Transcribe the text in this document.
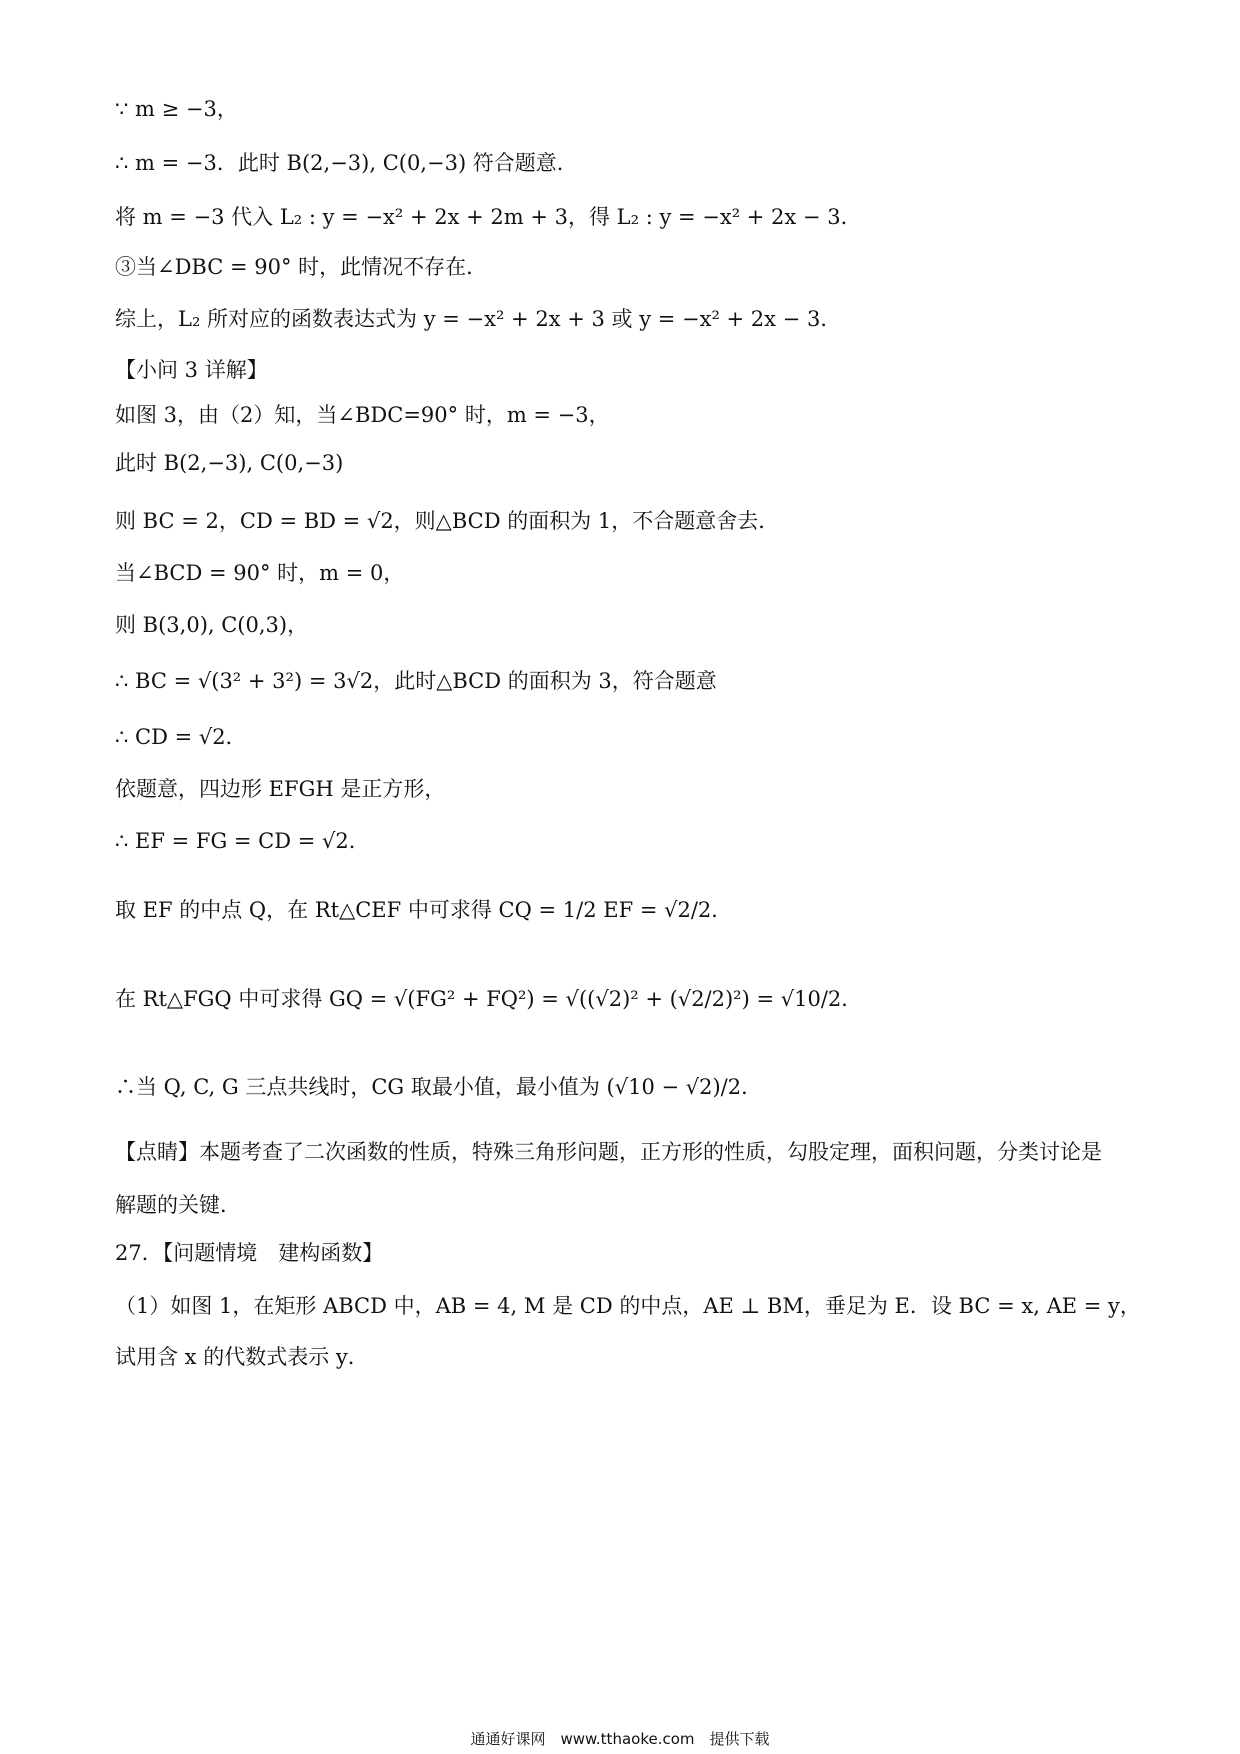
∵ m ≥ −3，
∴ m = −3．此时 B(2,−3), C(0,−3) 符合题意．
将 m = −3 代入 L₂ : y = −x² + 2x + 2m + 3，得 L₂ : y = −x² + 2x − 3．
③当∠DBC = 90° 时，此情况不存在．
综上，L₂ 所对应的函数表达式为 y = −x² + 2x + 3 或 y = −x² + 2x − 3．
【小问 3 详解】
如图 3，由（2）知，当∠BDC=90° 时，m = −3，
此时 B(2,−3), C(0,−3)
则 BC = 2，CD = BD = √2，则△BCD 的面积为 1，不合题意舍去．
当∠BCD = 90° 时，m = 0，
则 B(3,0), C(0,3)，
∴ BC = √(3² + 3²) = 3√2，此时△BCD 的面积为 3，符合题意
∴ CD = √2．
依题意，四边形 EFGH 是正方形，
∴ EF = FG = CD = √2．
取 EF 的中点 Q，在 Rt△CEF 中可求得 CQ = 1/2 EF = √2/2．
在 Rt△FGQ 中可求得 GQ = √(FG² + FQ²) = √((√2)² + (√2/2)²) = √10/2．
∴当 Q, C, G 三点共线时，CG 取最小值，最小值为 (√10 − √2)/2．
【点睛】本题考查了二次函数的性质，特殊三角形问题，正方形的性质，勾股定理，面积问题，分类讨论是
解题的关键．
27．【问题情境　建构函数】
（1）如图 1，在矩形 ABCD 中，AB = 4, M 是 CD 的中点，AE ⊥ BM，垂足为 E．设 BC = x, AE = y，
试用含 x 的代数式表示 y．
通通好课网　www.tthaoke.com　提供下载
